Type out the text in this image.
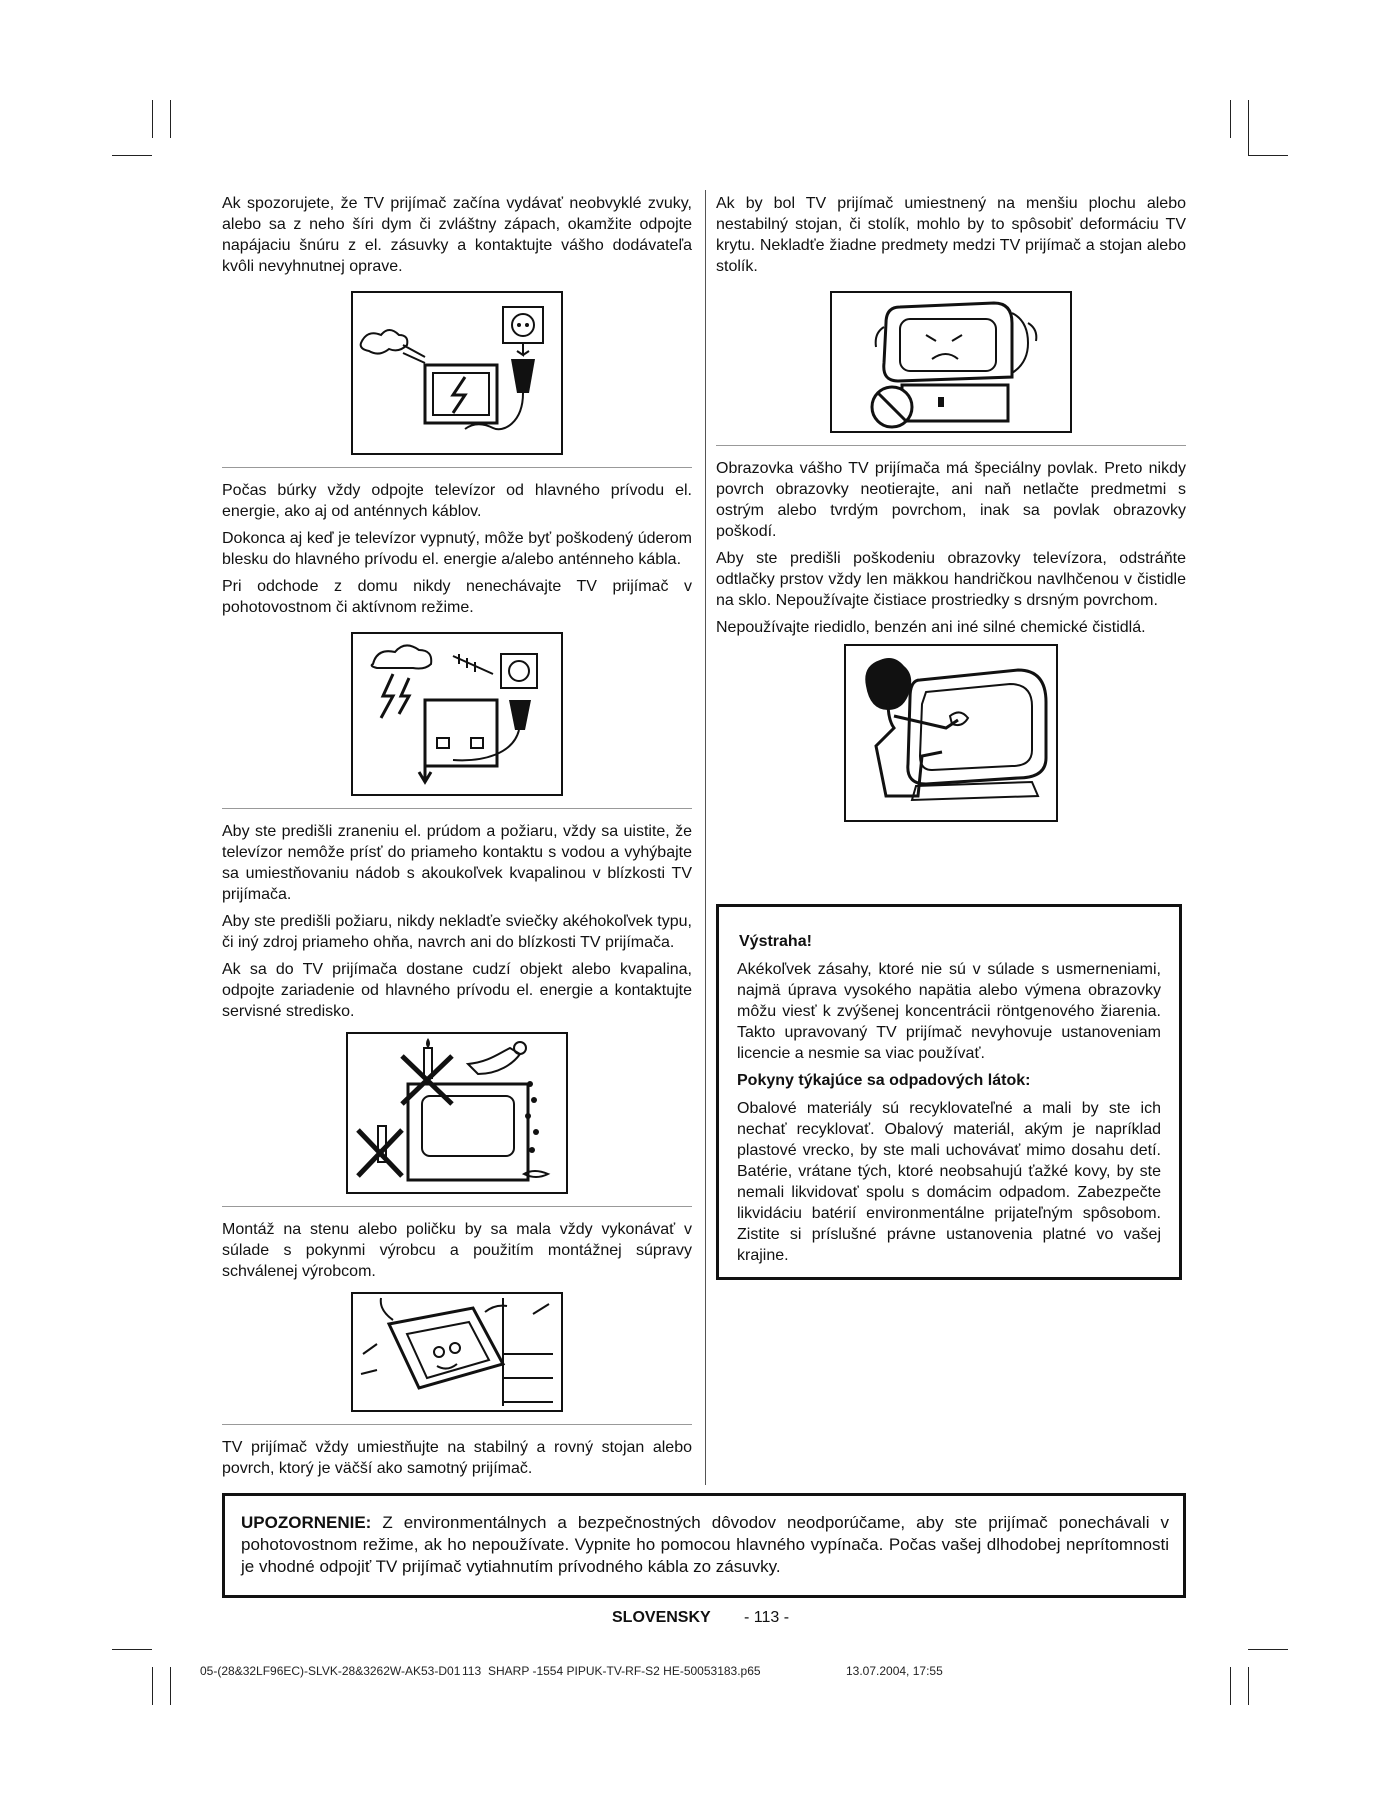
Ak spozorujete, že TV prijímač začína vydávať neobvyklé zvuky, alebo sa z neho šíri dym či zvláštny zápach, okamžite odpojte napájaciu šnúru z el. zásuvky a kontaktujte vášho dodávateľa kvôli nevyhnutnej oprave.

Počas búrky vždy odpojte televízor od hlavného prívodu el. energie, ako aj od anténnych káblov.

Dokonca aj keď je televízor vypnutý, môže byť poškodený úderom blesku do hlavného prívodu el. energie a/alebo anténneho kábla.

Pri odchode z domu nikdy nenechávajte TV prijímač v pohotovostnom či aktívnom režime.

Aby ste predišli zraneniu el. prúdom a požiaru, vždy sa uistite, že televízor nemôže prísť do priameho kontaktu s vodou a vyhýbajte sa umiestňovaniu nádob s akoukoľvek kvapalinou v blízkosti TV prijímača.

Aby ste predišli požiaru, nikdy nekladťe sviečky akéhokoľvek typu, či iný zdroj priameho ohňa, navrch ani do blízkosti TV prijímača.

Ak sa do TV prijímača dostane cudzí objekt alebo kvapalina, odpojte zariadenie od hlavného prívodu el. energie a kontaktujte servisné stredisko.

Montáž na stenu alebo poličku by sa mala vždy vykonávať v súlade s pokynmi výrobcu a použitím montážnej súpravy schválenej výrobcom.

TV prijímač vždy umiestňujte na stabilný a rovný stojan alebo povrch, ktorý je väčší ako samotný prijímač.

Ak by bol TV prijímač umiestnený na menšiu plochu alebo nestabilný stojan, či stolík, mohlo by to spôsobiť deformáciu TV krytu. Nekladťe žiadne predmety medzi TV prijímač a stojan alebo stolík.

Obrazovka vášho TV prijímača má špeciálny povlak. Preto nikdy povrch obrazovky neotierajte, ani naň netlačte predmetmi s ostrým alebo tvrdým povrchom, inak sa povlak obrazovky poškodí.

Aby ste predišli poškodeniu obrazovky televízora, odstráňte odtlačky prstov vždy len mäkkou handričkou navlhčenou v čistidle na sklo. Nepoužívajte čistiace prostriedky s drsným povrchom.

Nepoužívajte riedidlo, benzén ani iné silné chemické čistidlá.

Výstraha!

Akékoľvek zásahy, ktoré nie sú v súlade s usmerneniami, najmä úprava vysokého napätia alebo výmena obrazovky môžu viesť k zvýšenej koncentrácii röntgenového žiarenia. Takto upravovaný TV prijímač nevyhovuje ustanoveniam licencie a nesmie sa viac používať.

Pokyny týkajúce sa odpadových látok:

Obalové materiály sú recyklovateľné a mali by ste ich nechať recyklovať. Obalový materiál, akým je napríklad plastové vrecko, by ste mali uchovávať mimo dosahu detí. Batérie, vrátane tých, ktoré neobsahujú ťažké kovy, by ste nemali likvidovať spolu s domácim odpadom. Zabezpečte likvidáciu batérií environmentálne prijateľným spôsobom. Zistite si príslušné právne ustanovenia platné vo vašej krajine.

UPOZORNENIE: Z environmentálnych a bezpečnostných dôvodov neodporúčame, aby ste prijímač ponechávali v pohotovostnom režime, ak ho nepoužívate. Vypnite ho pomocou hlavného vypínača. Počas vašej dlhodobej neprítomnosti je vhodné odpojiť TV prijímač vytiahnutím prívodného kábla zo zásuvky.
SLOVENSKY - 113 -
05-(28&32LF96EC)-SLVK-28&3262W-AK53-D01 113 SHARP -1554 PIPUK-TV-RF-S2 HE-50053183.p65	13.07.2004, 17:55
